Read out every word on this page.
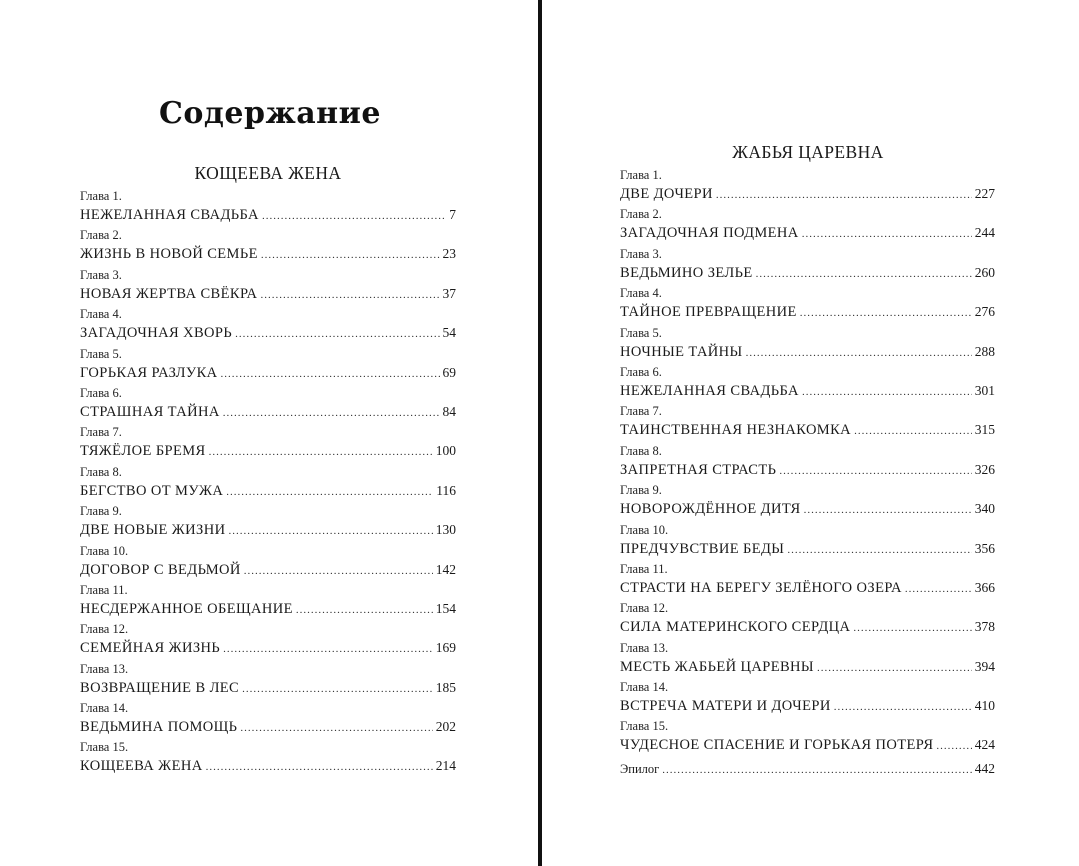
Содержание
КОЩЕЕВА ЖЕНА
Глава 1.
НЕЖЕЛАННАЯ СВАДЬБА .....	7
Глава 2.
ЖИЗНЬ В НОВОЙ СЕМЬЕ .....	23
Глава 3.
НОВАЯ ЖЕРТВА СВЁКРА .....	37
Глава 4.
ЗАГАДОЧНАЯ ХВОРЬ .....	54
Глава 5.
ГОРЬКАЯ РАЗЛУКА .....	69
Глава 6.
СТРАШНАЯ ТАЙНА .....	84
Глава 7.
ТЯЖЁЛОЕ БРЕМЯ .....	100
Глава 8.
БЕГСТВО ОТ МУЖА .....	116
Глава 9.
ДВЕ НОВЫЕ ЖИЗНИ .....	130
Глава 10.
ДОГОВОР С ВЕДЬМОЙ .....	142
Глава 11.
НЕСДЕРЖАННОЕ ОБЕЩАНИЕ .....	154
Глава 12.
СЕМЕЙНАЯ ЖИЗНЬ .....	169
Глава 13.
ВОЗВРАЩЕНИЕ В ЛЕС .....	185
Глава 14.
ВЕДЬМИНА ПОМОЩЬ .....	202
Глава 15.
КОЩЕЕВА ЖЕНА .....	214
ЖАБЬЯ ЦАРЕВНА
Глава 1.
ДВЕ ДОЧЕРИ .....	227
Глава 2.
ЗАГАДОЧНАЯ ПОДМЕНА .....	244
Глава 3.
ВЕДЬМИНО ЗЕЛЬЕ .....	260
Глава 4.
ТАЙНОЕ ПРЕВРАЩЕНИЕ .....	276
Глава 5.
НОЧНЫЕ ТАЙНЫ .....	288
Глава 6.
НЕЖЕЛАННАЯ СВАДЬБА .....	301
Глава 7.
ТАИНСТВЕННАЯ НЕЗНАКОМКА .....	315
Глава 8.
ЗАПРЕТНАЯ СТРАСТЬ .....	326
Глава 9.
НОВОРОЖДЁННОЕ ДИТЯ .....	340
Глава 10.
ПРЕДЧУВСТВИЕ БЕДЫ .....	356
Глава 11.
СТРАСТИ НА БЕРЕГУ ЗЕЛЁНОГО ОЗЕРА .....	366
Глава 12.
СИЛА МАТЕРИНСКОГО СЕРДЦА .....	378
Глава 13.
МЕСТЬ ЖАБЬЕЙ ЦАРЕВНЫ .....	394
Глава 14.
ВСТРЕЧА МАТЕРИ И ДОЧЕРИ .....	410
Глава 15.
ЧУДЕСНОЕ СПАСЕНИЕ И ГОРЬКАЯ ПОТЕРЯ .....	424
Эпилог .....	442
